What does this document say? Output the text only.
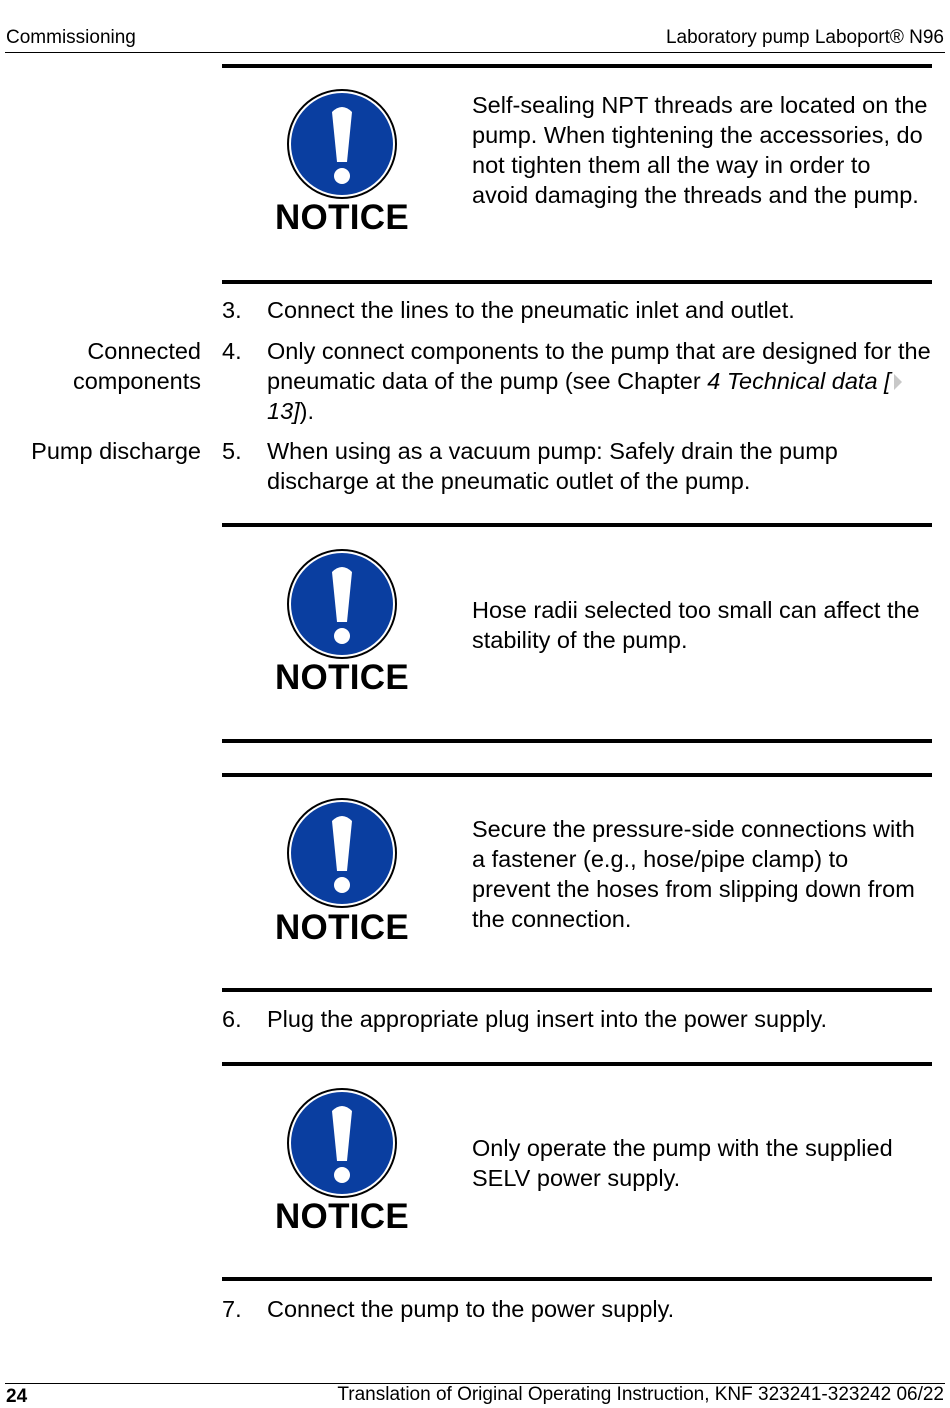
Commissioning	Laboratory pump Laboport® N96
NOTICE
Self-sealing NPT threads are located on the pump. When tightening the accessories, do not tighten them all the way in order to avoid damaging the threads and the pump.
3.	Connect the lines to the pneumatic inlet and outlet.
Connected components
4.	Only connect components to the pump that are designed for the pneumatic data of the pump (see Chapter 4 Technical data [13]).
Pump discharge 5.	When using as a vacuum pump: Safely drain the pump discharge at the pneumatic outlet of the pump.
NOTICE
Hose radii selected too small can affect the stability of the pump.
NOTICE
Secure the pressure-side connections with a fastener (e.g., hose/pipe clamp) to prevent the hoses from slipping down from the connection.
6.	Plug the appropriate plug insert into the power supply.
NOTICE
Only operate the pump with the supplied SELV power supply.
7.	Connect the pump to the power supply.
24	Translation of Original Operating Instruction, KNF 323241-323242 06/22
